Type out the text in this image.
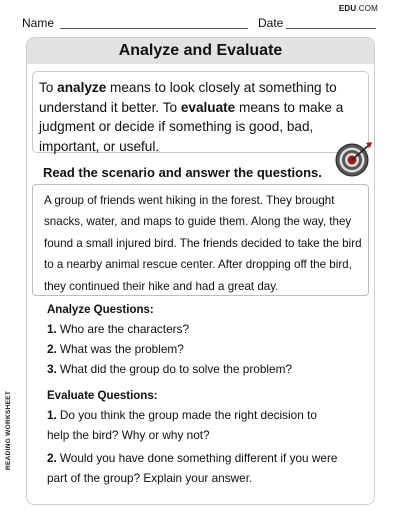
Name	Date
EDU.COM
Analyze and Evaluate
To analyze means to look closely at something to understand it better. To evaluate means to make a judgment or decide if something is good, bad, important, or useful.
Read the scenario and answer the questions.
A group of friends went hiking in the forest. They brought snacks, water, and maps to guide them. Along the way, they found a small injured bird. The friends decided to take the bird to a nearby animal rescue center. After dropping off the bird, they continued their hike and had a great day.
Analyze Questions:
1. Who are the characters?
2. What was the problem?
3. What did the group do to solve the problem?
Evaluate Questions:
1. Do you think the group made the right decision to
help the bird? Why or why not?
2. Would you have done something different if you were
part of the group? Explain your answer.
READING WORKSHEET
